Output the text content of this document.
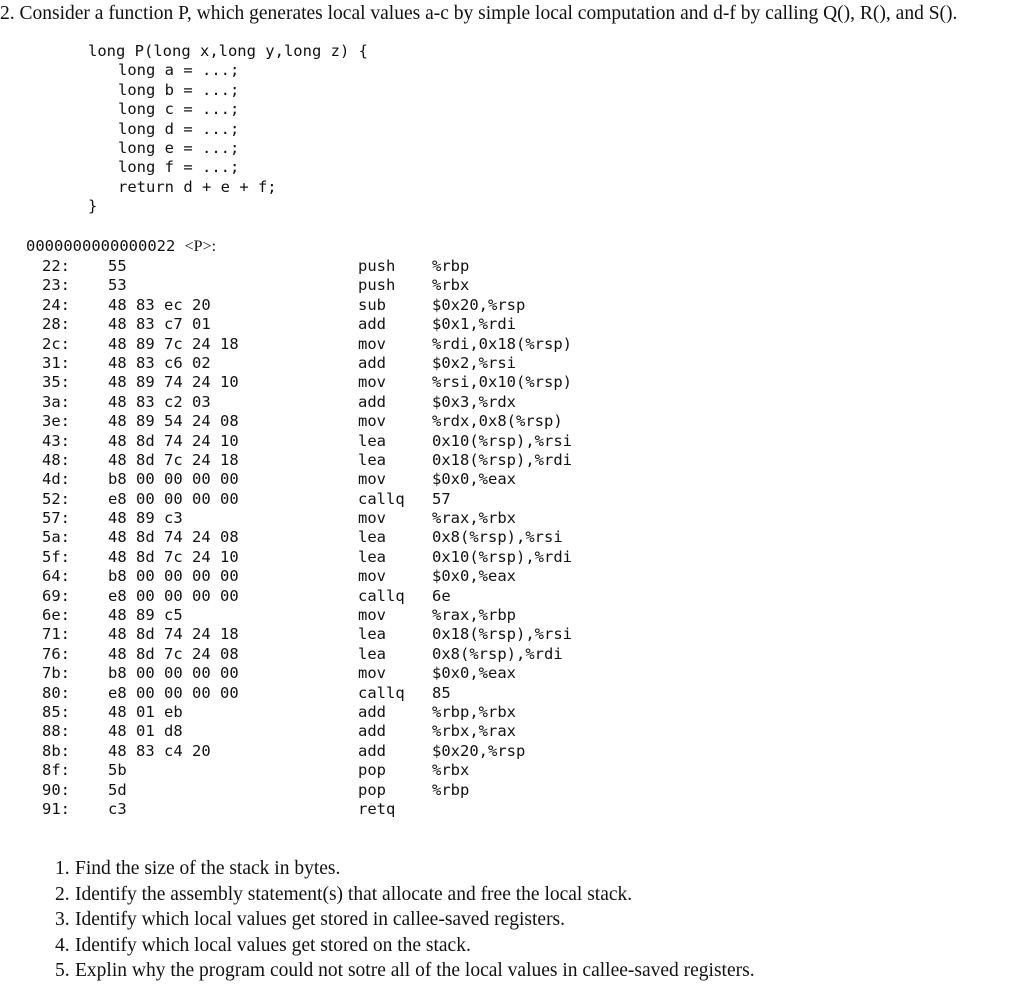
2. Consider a function P, which generates local values a-c by simple local computation and d-f by calling Q(), R(), and S().
long P(long x,long y,long z) {
long a = ...;
long b = ...;
long c = ...;
long d = ...;
long e = ...;
long f = ...;
return d + e + f;
}
0000000000000022 <P>:
22: 55	push %rbp
23: 53	push %rbx
24: 48 83 ec 20	sub	$0x20,%rsp
28: 48 83 c7 01	add	$0x1,%rdi
2c: 48 89 7c 24 18	mov	%rdi,0x18(%rsp)
31: 48 83 c6 02	add	$0x2,%rsi
35: 48 89 74 24 10	mov	%rsi,0x10(%rsp)
3a: 48 83 c2 03	add	$0x3,%rdx
3e: 48 89 54 24 08	mov	%rdx,0x8(%rsp)
43: 48 8d 74 24 10	lea	0x10(%rsp),%rsi
48: 48 8d 7c 24 18	lea	0x18(%rsp),%rdi
4d: b8 00 00 00 00	mov	$0x0,%eax
52: e8 00 00 00 00	callq 57
57: 48 89 c3	mov	%rax,%rbx
5a: 48 8d 74 24 08	lea	0x8(%rsp),%rsi
5f: 48 8d 7c 24 10	lea	0x10(%rsp),%rdi
64: b8 00 00 00 00	mov	$0x0,%eax
69: e8 00 00 00 00	callq 6e
6e: 48 89 c5	mov	%rax,%rbp
71: 48 8d 74 24 18	lea	0x18(%rsp),%rsi
76: 48 8d 7c 24 08	lea	0x8(%rsp),%rdi
7b: b8 00 00 00 00	mov	$0x0,%eax
80: e8 00 00 00 00	callq 85
85: 48 01 eb	add	%rbp,%rbx
88: 48 01 d8	add	%rbx,%rax
8b: 48 83 c4 20	add	$0x20,%rsp
8f: 5b	pop	%rbx
90: 5d	pop	%rbp
91: c3	retq
1. Find the size of the stack in bytes.
2. Identify the assembly statement(s) that allocate and free the local stack.
3. Identify which local values get stored in callee-saved registers.
4. Identify which local values get stored on the stack.
5. Explin why the program could not sotre all of the local values in callee-saved registers.
